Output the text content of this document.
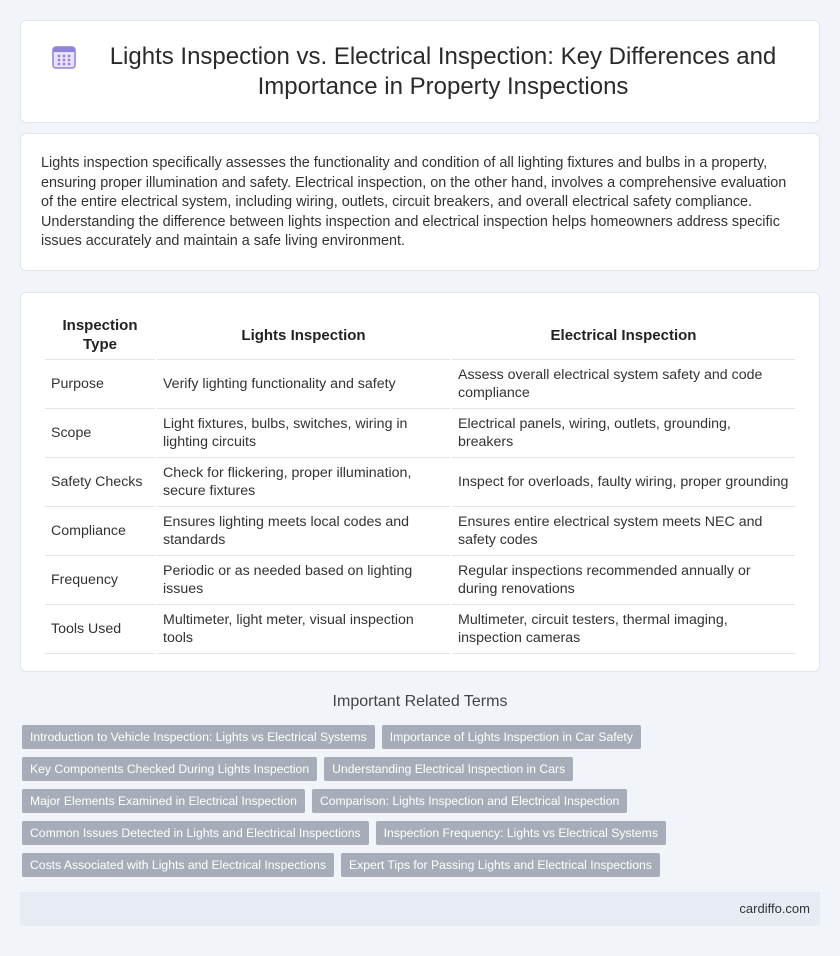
Lights Inspection vs. Electrical Inspection: Key Differences and Importance in Property Inspections

Lights inspection specifically assesses the functionality and condition of all lighting fixtures and bulbs in a property, ensuring proper illumination and safety. Electrical inspection, on the other hand, involves a comprehensive evaluation of the entire electrical system, including wiring, outlets, circuit breakers, and overall electrical safety compliance. Understanding the difference between lights inspection and electrical inspection helps homeowners address specific issues accurately and maintain a safe living environment.

Inspection Type	Lights Inspection	Electrical Inspection
Purpose	Verify lighting functionality and safety	Assess overall electrical system safety and code compliance
Scope	Light fixtures, bulbs, switches, wiring in lighting circuits	Electrical panels, wiring, outlets, grounding, breakers
Safety Checks	Check for flickering, proper illumination, secure fixtures	Inspect for overloads, faulty wiring, proper grounding
Compliance	Ensures lighting meets local codes and standards	Ensures entire electrical system meets NEC and safety codes
Frequency	Periodic or as needed based on lighting issues	Regular inspections recommended annually or during renovations
Tools Used	Multimeter, light meter, visual inspection tools	Multimeter, circuit testers, thermal imaging, inspection cameras
Important Related Terms
Introduction to Vehicle Inspection: Lights vs Electrical Systems	Importance of Lights Inspection in Car Safety
Key Components Checked During Lights Inspection	Understanding Electrical Inspection in Cars
Major Elements Examined in Electrical Inspection	Comparison: Lights Inspection and Electrical Inspection
Common Issues Detected in Lights and Electrical Inspections	Inspection Frequency: Lights vs Electrical Systems
Costs Associated with Lights and Electrical Inspections	Expert Tips for Passing Lights and Electrical Inspections
cardiffo.com
